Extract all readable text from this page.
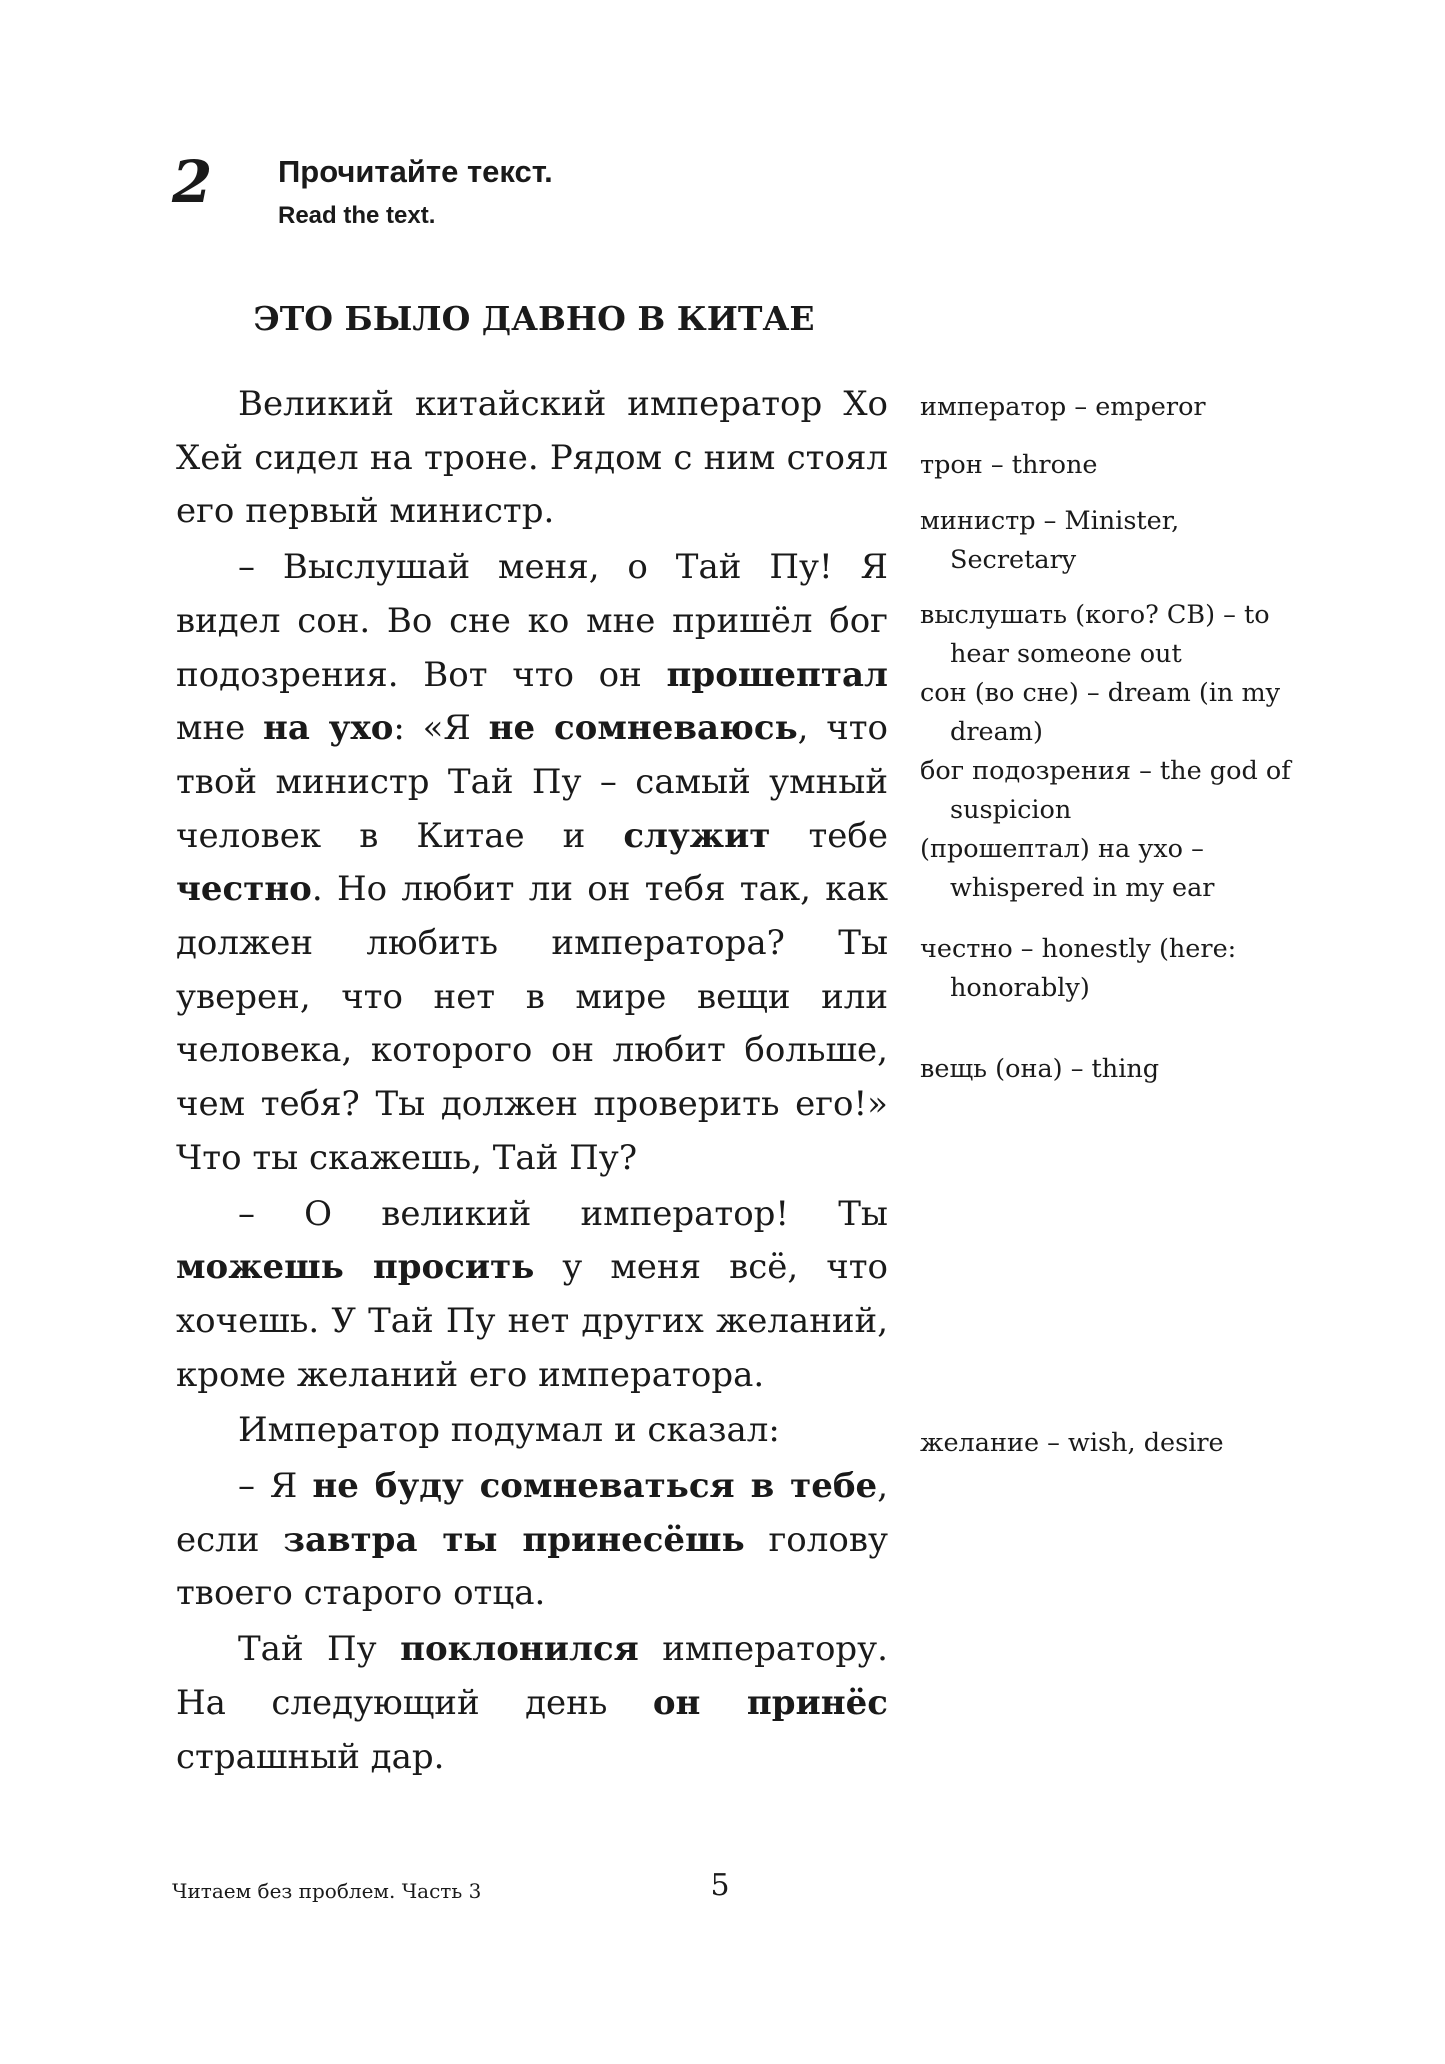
2 Прочитайте текст.
Read the text.
ЭТО БЫЛО ДАВНО В КИТАЕ

Великий китайский император Хо Хей сидел на троне. Рядом с ним стоял его первый министр.

– Выслушай меня, о Тай Пу! Я видел сон. Во сне ко мне пришёл бог подозрения. Вот что он прошептал мне на ухо: «Я не сомневаюсь, что твой министр Тай Пу – самый умный человек в Китае и служит тебе честно. Но любит ли он тебя так, как должен любить императора? Ты уверен, что нет в мире вещи или человека, которого он любит больше, чем тебя? Ты должен проверить его!» Что ты скажешь, Тай Пу?

– О великий император! Ты можешь просить у меня всё, что хочешь. У Тай Пу нет других желаний, кроме желаний его императора.

Император подумал и сказал:

– Я не буду сомневаться в тебе, если завтра ты принесёшь голову твоего старого отца.

Тай Пу поклонился императору. На следующий день он принёс страшный дар.

император – emperor
трон – throne
министр – Minister, Secretary
выслушать (кого? СВ) – to hear someone out
сон (во сне) – dream (in my dream)
бог подозрения – the god of suspicion
(прошептал) на ухо – whispered in my ear
честно – honestly (here: honorably)
вещь (она) – thing
желание – wish, desire
Читаем без проблем. Часть 3	5
